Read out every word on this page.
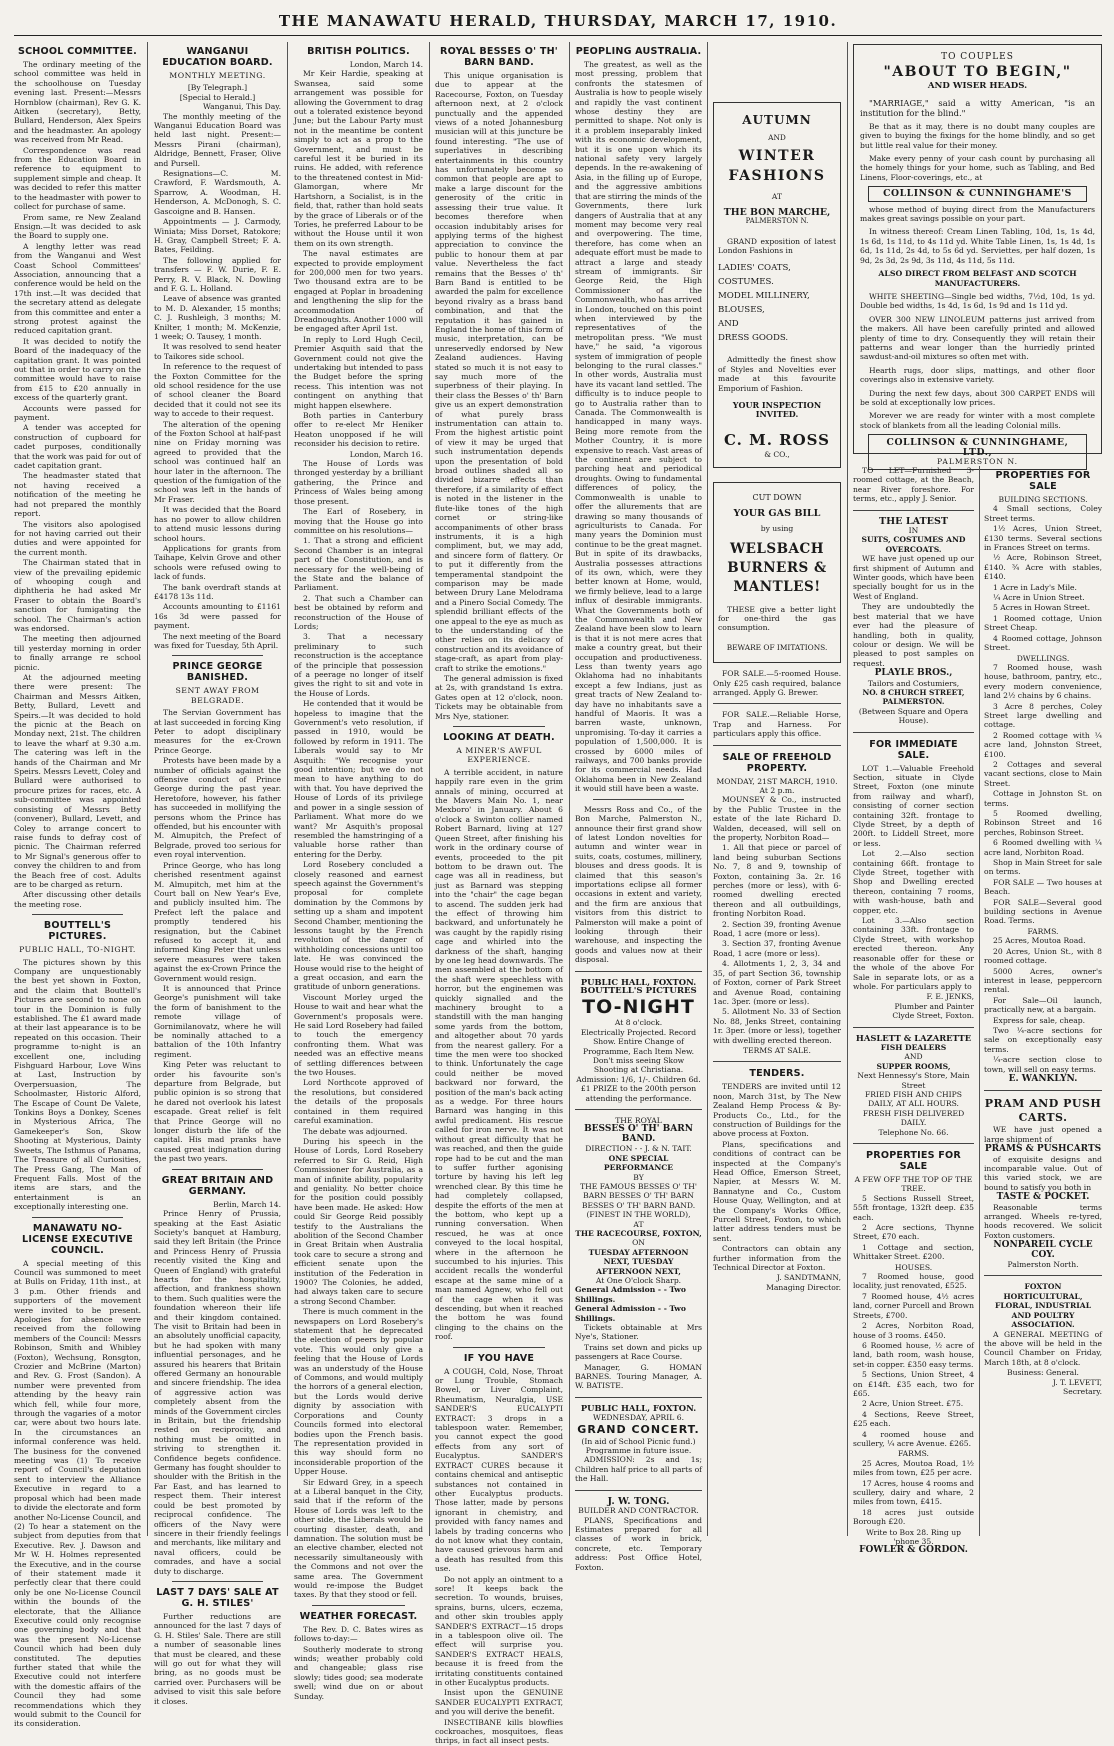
THE MANAWATU HERALD, THURSDAY, MARCH 17, 1910.
SCHOOL COMMITTEE.
The ordinary meeting of the school committee was held in the schoolhouse on Tuesday evening last. Present:—Messrs Hornblow (chairman), Rev G. K. Aitken (secretary), Betty, Bullard, Henderson, Alex Speirs and the headmaster. An apology was received from Mr Read.
Correspondence was read from the Education Board in reference to equipment to supplement simple and cheap. It was decided to refer this matter to the headmaster with power to collect for purchase of same.
From same, re New Zealand Ensign.—It was decided to ask the Board to supply one.
A lengthy letter was read from the Wanganui and West Coast School Committees' Association, announcing that a conference would be held on the 17th inst.—It was decided that the secretary attend as delegate from this committee and enter a strong protest against the reduced capitation grant.
It was decided to notify the Board of the inadequacy of the capitation grant. It was pointed out that in order to carry on the committee would have to raise from £15 to £20 annually in excess of the quarterly grant.
Accounts were passed for payment.
A tender was accepted for construction of cupboard for cadet purposes, conditionally that the work was paid for out of cadet capitation grant.
The headmaster stated that not having received a notification of the meeting he had not prepared the monthly report.
The visitors also apologised for not having carried out their duties and were appointed for the current month.
The Chairman stated that in view of the prevailing epidemic of whooping cough and diphtheria he had asked Mr Fraser to obtain the Board's sanction for fumigating the school. The Chairman's action was endorsed.
The meeting then adjourned till yesterday morning in order to finally arrange re school picnic.
At the adjourned meeting there were present: The Chairman and Messrs Aitken, Betty, Bullard, Levett and Speirs.—It was decided to hold the picnic at the Beach on Monday next, 21st. The children to leave the wharf at 9.30 a.m. The catering was left in the hands of the Chairman and Mr Speirs. Messrs Levett, Coley and Bullard were authorised to procure prizes for races, etc. A sub-committee was appointed consisting of Messrs Betty (convener), Bullard, Levett, and Coley to arrange concert to raise funds to defray cost of picnic. The Chairman referred to Mr Signal's generous offer to convey the children to and from the Beach free of cost. Adults are to be charged as return.
After discussing other details the meeting rose.
BOUTTELL'S PICTURES.
PUBLIC HALL, TO-NIGHT.
The pictures shown by this Company are unquestionably the best yet shown in Foxton, and the claim that Bouttell's Pictures are second to none on tour in the Dominion is fully established. The £1 award made at their last appearance is to be repeated on this occasion. Their programme to-night is an excellent one, including Fishguard Harbour, Love Wins at Last, Instruction by Overpersuasion, The Schoolmaster, Historic Alford, The Escape of Count De Valete, Tonkins Boys a Donkey, Scenes in Mysterious Africa, The Gamekeeper's Son, Skow Shooting at Mysterious, Dainty Sweets, The Isthmus of Panama, The Treasure of all Curiosities, The Press Gang, The Man of Frequent Falls. Most of the items are stars, and the entertainment is an exceptionally interesting one.
MANAWATU NO-LICENSE EXECUTIVE COUNCIL.
A special meeting of this Council was summoned to meet at Bulls on Friday, 11th inst., at 3 p.m. Other friends and supporters of the movement were invited to be present. Apologies for absence were received from the following members of the Council: Messrs Robinson, Smith and Whibley (Foxton), Wechsung, Ronsgton, Crozier and McBrine (Marton) and Rev. G. Frost (Sandon). A number were prevented from attending by the heavy rain which fell, while four more, through the vagaries of a motor car, were about two hours late. In the circumstances an informal conference was held. The business for the convened meeting was (1) To receive report of Council's deputation sent to interview the Alliance Executive in regard to a proposal which had been made to divide the electorate and form another No-License Council, and (2) To hear a statement on the subject from deputies from that Executive. Rev. J. Dawson and Mr W. H. Holmes represented the Executive, and in the course of their statement made it perfectly clear that there could only be one No-License Council within the bounds of the electorate, that the Alliance Executive could only recognise one governing body and that was the present No-License Council which had been duly constituted. The deputies further stated that while the Executive could not interfere with the domestic affairs of the Council they had some recommendations which they would submit to the Council for its consideration.
WANGANUI EDUCATION BOARD.
MONTHLY MEETING.
[By Telegraph.]
[Special to Herald.]
Wanganui, This Day.
The monthly meeting of the Wanganui Education Board was held last night. Present:—Messrs Pirani (chairman), Aldridge, Bennett, Fraser, Olive and Pursell.
Resignations—C. M. Crawford, F. Wardsmouth, A. Sparrow, A. Woodman, H. Henderson, A. McDonogh, S. C. Gascoigne and B. Hansen.
Appointments — J. Carmody, Winiata; Miss Dorset, Ratokore; H. Gray, Campbell Street; F. A. Bates, Feilding.
The following applied for transfers — F. W. Durie, F. E. Perry, R. V. Black, N. Dowling and F. G. L. Holland.
Leave of absence was granted to M. D. Alexander, 15 months; C. J. Rushleigh, 3 months; M. Knilter, 1 month; M. McKenzie, 1 week; O. Tausey, 1 month.
It was resolved to send heater to Taikores side school.
In reference to the request of the Foxton Committee for the old school residence for the use of school cleaner the Board decided that it could not see its way to accede to their request.
The alteration of the opening of the Foxton School at half-past nine on Friday morning was agreed to provided that the school was continued half an hour later in the afternoon. The question of the fumigation of the school was left in the hands of Mr Fraser.
It was decided that the Board has no power to allow children to attend music lessons during school hours.
Applications for grants from Taihape, Kelvin Grove and other schools were refused owing to lack of funds.
The bank overdraft stands at £4178 13s 11d.
Accounts amounting to £1161 16s 3d were passed for payment.
The next meeting of the Board was fixed for Tuesday, 5th April.
PRINCE GEORGE BANISHED.
SENT AWAY FROM BELGRADE.
The Servian Government has at last succeeded in forcing King Peter to adopt disciplinary measures for the ex-Crown Prince George.
Protests have been made by a number of officials against the offensive conduct of Prince George during the past year. Heretofore, however, his father has succeeded in mollifying the persons whom the Prince has offended, but his encounter with M. Almupitch, the Prefect of Belgrade, proved too serious for even royal intervention.
Prince George, who has long cherished resentment against M. Almupitch, met him at the Court ball on New Year's Eve, and publicly insulted him. The Prefect left the palace and promptly tendered his resignation, but the Cabinet refused to accept it, and informed King Peter that unless severe measures were taken against the ex-Crown Prince the Government would resign.
It is announced that Prince George's punishment will take the form of banishment to the remote village of Gornimilanovatz, where he will be nominally attached to a battalion of the 10th Infantry regiment.
King Peter was reluctant to order his favourite son's departure from Belgrade, but public opinion is so strong that he dared not overlook his latest escapade. Great relief is felt that Prince George will no longer disturb the life of the capital. His mad pranks have caused great indignation during the past two years.
GREAT BRITAIN AND GERMANY.
Berlin, March 14.
Prince Henry of Prussia, speaking at the East Asiatic Society's banquet at Hamburg, said they left Britain (the Prince and Princess Henry of Prussia recently visited the King and Queen of England) with grateful hearts for the hospitality, affection, and frankness shown to them. Such qualities were the foundation whereon their life and their kingdom contained. The visit to Britain had been in an absolutely unofficial capacity, but he had spoken with many influential personages, and he assured his hearers that Britain offered Germany an honourable and sincere friendship. The idea of aggressive action was completely absent from the minds of the Government circles in Britain, but the friendship rested on reciprocity, and nothing must be omitted in striving to strengthen it. Confidence begets confidence. Germany has fought shoulder to shoulder with the British in the Far East, and has learned to respect them. Their interest could be best promoted by reciprocal confidence. The officers of the Navy were sincere in their friendly feelings and merchants, like military and naval officers, could be comrades, and have a social duty to discharge.
LAST 7 DAYS' SALE AT G. H. STILES'
Further reductions are announced for the last 7 days of G. H. Stiles' Sale. There are still a number of seasonable lines that must be cleared, and these will go out for what they will bring, as no goods must be carried over. Purchasers will be advised to visit this sale before it closes.
BRITISH POLITICS.
London, March 14.
Mr Keir Hardie, speaking at Swansea, said some arrangement was possible for allowing the Government to drag out a tolerated existence beyond June; but the Labour Party must not in the meantime be content simply to act as a prop to the Government, and must be careful lest it be buried in its ruins. He added, with reference to the threatened contest in Mid-Glamorgan, where Mr Hartshorn, a Socialist, is in the field, that, rather than hold seats by the grace of Liberals or of the Tories, he preferred Labour to be without the House until it won them on its own strength.
The naval estimates are expected to provide employment for 200,000 men for two years. Two thousand extra are to be engaged at Poplar in broadening and lengthening the slip for the accommodation of Dreadnoughts. Another 1000 will be engaged after April 1st.
In reply to Lord Hugh Cecil, Premier Asquith said that the Government could not give the undertaking but intended to pass the Budget before the spring recess. This intention was not contingent on anything that might happen elsewhere.
Both parties in Canterbury offer to re-elect Mr Heniker Heaton unopposed if he will reconsider his decision to retire.
London, March 16.
The House of Lords was thronged yesterday by a brilliant gathering, the Prince and Princess of Wales being among those present.
The Earl of Rosebery, in moving that the House go into committee on his resolutions—
1. That a strong and efficient Second Chamber is an integral part of the Constitution, and is necessary for the well-being of the State and the balance of Parliament.
2. That such a Chamber can best be obtained by reform and reconstruction of the House of Lords;
3. That a necessary preliminary to such reconstruction is the acceptance of the principle that possession of a peerage no longer of itself gives the right to sit and vote in the House of Lords.
He contended that it would be hopeless to imagine that the Government's veto resolution, if passed in 1910, would be followed by reform in 1911. The Liberals would say to Mr Asquith: "We recognise your good intention; but we do not mean to have anything to do with that. You have deprived the House of Lords of its privilege and power in a single session of Parliament. What more do we want? Mr Asquith's proposal resembled the hamstringing of a valuable horse rather than entering for the Derby.
Lord Rosebery concluded a closely reasoned and earnest speech against the Government's proposal for complete domination by the Commons by setting up a sham and impotent Second Chamber, mentioning the lessons taught by the French revolution of the danger of withholding concessions until too late. He was convinced the House would rise to the height of a great occasion, and earn the gratitude of unborn generations.
Viscount Morley urged the House to wait and hear what the Government's proposals were. He said Lord Rosebery had failed to touch the emergency confronting them. What was needed was an effective means of settling differences between the two Houses.
Lord Northcote approved of the resolutions, but considered the details of the proposals contained in them required careful examination.
The debate was adjourned.
During his speech in the House of Lords, Lord Rosebery referred to Sir G. Reid, High Commissioner for Australia, as a man of infinite ability, popularity and geniality. No better choice for the position could possibly have been made. He asked: How could Sir George Reid possibly testify to the Australians the abolition of the Second Chamber in Great Britain when Australia took care to secure a strong and efficient senate upon the institution of the Federation in 1900? The Colonies, he added, had always taken care to secure a strong Second Chamber.
There is much comment in the newspapers on Lord Rosebery's statement that he deprecated the election of peers by popular vote. This would only give a feeling that the House of Lords was an understudy of the House of Commons, and would multiply the horrors of a general election, but the Lords would derive dignity by association with Corporations and County Councils formed into electoral bodies upon the French basis. The representation provided in this way should form no inconsiderable proportion of the Upper House.
Sir Edward Grey, in a speech at a Liberal banquet in the City, said that if the reform of the House of Lords was left to the other side, the Liberals would be courting disaster, death, and damnation. The solution must be an elective chamber, elected not necessarily simultaneously with the Commons and not over the same area. The Government would re-impose the Budget taxes. By that they stood or fell.
WEATHER FORECAST.
The Rev. D. C. Bates wires as follows to-day:—
Southerly moderate to strong winds; weather probably cold and changeable; glass rise slowly; tides good; sea moderate swell; wind due on or about Sunday.
ROYAL BESSES O' TH' BARN BAND.
This unique organisation is due to appear at the Racecourse, Foxton, on Tuesday afternoon next, at 2 o'clock punctually and the appended views of a noted Johannesburg musician will at this juncture be found interesting. "The use of superlatives in describing entertainments in this country has unfortunately become so common that people are apt to make a large discount for the generosity of the critic in assessing their true value. It becomes therefore when occasion indubitably arises for applying terms of the highest appreciation to convince the public to honour them at par value. Nevertheless the fact remains that the Besses o' th' Barn Band is entitled to be awarded the palm for excellence beyond rivalry as a brass band combination, and that the reputation it has gained in England the home of this form of music, interpretation, can be unreservedly endorsed by New Zealand audiences. Having stated so much it is not easy to say much more of the superbness of their playing. In their class the Besses o' th' Barn give us an expert demonstration of what purely brass instrumentation can attain to. From the highest artistic point of view it may be urged that such instrumentation depends upon the presentation of bold broad outlines shaded all so divided bizarre effects than therefore, if a similarity of effect is noted in the listener in the flute-like tones of the high cornet or string-like accompaniments of other brass instruments, it is a high compliment, but, we may add, and sincere form of flattery. Or to put it differently from the temperamental standpoint the comparison may be made between Drury Lane Melodrama and a Pinero Social Comedy. The splendid brilliant effects of the one appeal to the eye as much as to the understanding of the other relies on its delicacy of construction and its avoidance of stage-craft, as apart from play-craft to strike the emotions."
The general admission is fixed at 2s, with grandstand 1s extra. Gates open at 12 o'clock, noon. Tickets may be obtainable from Mrs Nye, stationer.
LOOKING AT DEATH.
A MINER'S AWFUL EXPERIENCE.
A terrible accident, in nature happily rare even in the grim annals of mining, occurred at the Mavers Main No. 1, near Mexboro' in January. About 6 o'clock a Swinton collier named Robert Barnard, living at 127 Queen Street, after finishing his work in the ordinary course of events, proceeded to the pit bottom to be drawn out. The cage was all in readiness, but just as Barnard was stepping into the "chair" the cage began to ascend. The sudden jerk had the effect of throwing him backward, and unfortunately he was caught by the rapidly rising cage and whirled into the darkness of the shaft, hanging by one leg head downwards. The men assembled at the bottom of the shaft were speechless with horror, but the enginemen was quickly signalled and the machinery brought to a standstill with the man hanging some yards from the bottom, and altogether about 70 yards from the nearest gallery. For a time the men were too shocked to think. Unfortunately the cage could neither be moved backward nor forward, the position of the man's back acting as a wedge. For three hours Barnard was hanging in this awful predicament. His rescue called for iron nerve. It was not without great difficulty that he was reached, and then the guide rope had to be cut and the man to suffer further agonising torture by having his left leg wrenched clear. By this time he had completely collapsed, despite the efforts of the men at the bottom, who kept up a running conversation. When rescued, he was at once conveyed to the local hospital, where in the afternoon he succumbed to his injuries. This accident recalls the wonderful escape at the same mine of a man named Agnew, who fell out of the cage when it was descending, but when it reached the bottom he was found clinging to the chains on the roof.
IF YOU HAVE
A COUGH, Cold, Nose, Throat or Lung Trouble, Stomach Bowel, or Liver Complaint, Rheumatism, Neuralgia, USE SANDER'S EUCALYPTI EXTRACT: 3 drops in a tablespoon water. Remember, you cannot expect the good effects from any sort of Eucalyptus. SANDER'S EXTRACT CURES because it contains chemical and antiseptic substances not contained in other Eucalyptus products. Those latter, made by persons ignorant in chemistry, and provided with fancy names and labels by trading concerns who do not know what they contain, have caused grievous harm and a death has resulted from this use.
Do not apply an ointment to a sore! It keeps back the secretion. To wounds, bruises, sprains, burns, ulcers, eczema, and other skin troubles apply SANDER'S EXTRACT—15 drops in a tablespoon olive oil. The effect will surprise you. SANDER'S EXTRACT HEALS, because it is freed from the irritating constituents contained in other Eucalyptus products.
Insist upon the GENUINE SANDER EUCALYPTI EXTRACT, and you will derive the benefit.
INSECTIBANE kills blowflies cockroaches, mosquitoes, fleas thrips, in fact all insect pests.
PEOPLING AUSTRALIA.
The greatest, as well as the most pressing, problem that confronts the statesmen of Australia is how to people wisely and rapidly the vast continent whose destiny they are permitted to shape. Not only is it a problem inseparably linked with its economic development, but it is one upon which its national safety very largely depends. In the re-awakening of Asia, in the filling up of Europe, and the aggressive ambitions that are stirring the minds of the Governments, there lurk dangers of Australia that at any moment may become very real and overpowering. The time, therefore, has come when an adequate effort must be made to attract a large and steady stream of immigrants. Sir George Reid, the High Commissioner of the Commonwealth, who has arrived in London, touched on this point when interviewed by the representatives of the metropolitan press. "We must have," he said, "a vigorous system of immigration of people belonging to the rural classes." In other words, Australia must have its vacant land settled. The difficulty is to induce people to go to Australia rather than to Canada. The Commonwealth is handicapped in many ways. Being more remote from the Mother Country, it is more expensive to reach. Vast areas of the continent are subject to parching heat and periodical droughts. Owing to fundamental differences of policy, the Commonwealth is unable to offer the allurements that are drawing so many thousands of agriculturists to Canada. For many years the Dominion must continue to be the great magnet. But in spite of its drawbacks, Australia possesses attractions of its own, which, were they better known at Home, would, we firmly believe, lead to a large influx of desirable immigrants. What the Governments both of the Commonwealth and New Zealand have been slow to learn is that it is not mere acres that make a country great, but their occupation and productiveness. Less than twenty years ago Oklahoma had no inhabitants except a few Indians, just as great tracts of New Zealand to-day have no inhabitants save a handful of Maoris. It was a barren waste, unknown, unpromising. To-day it carries a population of 1,500,000. It is crossed by 6000 miles of railways, and 700 banks provide for its commercial needs. Had Oklahoma been in New Zealand it would still have been a waste.
Messrs Ross and Co., of the Bon Marche, Palmerston N., announce their first grand show of latest London novelties for autumn and winter wear in suits, coats, costumes, millinery, blouses and dress goods. It is claimed that this season's importations eclipse all former occasions in extent and variety, and the firm are anxious that visitors from this district to Palmerston will make a point of looking through their warehouse, and inspecting the goods and values now at their disposal.
PUBLIC HALL, FOXTON.
BOUTTELL'S PICTURES
TO-NIGHT
At 8 o'clock.
Electrically Projected. Record Show. Entire Change of Programme, Each Item New.
Don't miss seeing Skow Shooting at Christiana.
Admission: 1/6, 1/-. Children 6d.
£1 PRIZE to the 200th person attending the performance.
THE ROYAL
BESSES O' TH' BARN BAND.
DIRECTION - - J. & N. TAIT.
ONE SPECIAL PERFORMANCE
BY
THE FAMOUS BESSES O' TH' BARN BESSES O' TH' BARN BESSES O' TH' BARN BAND.
(FINEST IN THE WORLD),
AT
THE RACECOURSE, FOXTON,
ON
TUESDAY AFTERNOON NEXT, TUESDAY AFTERNOON NEXT,
At One O'clock Sharp.
General Admission - - Two Shillings.
General Admission - - Two Shillings.
Tickets obtainable at Mrs Nye's, Stationer.
Trains set down and picks up passengers at Race Course.
Manager, G. HOMAN BARNES. Touring Manager, A. W. BATISTE.
PUBLIC HALL, FOXTON.
WEDNESDAY, APRIL 6.
GRAND CONCERT.
(In aid of School Picnic fund.)
Programme in future issue.
ADMISSION: 2s and 1s; Children half price to all parts of the Hall.
J. W. TONG.
BUILDER AND CONTRACTOR.
PLANS, Specifications and Estimates prepared for all classes of work in brick, concrete, etc. Temporary address: Post Office Hotel, Foxton.
AUTUMN
AND
WINTER
FASHIONS
AT
THE BON MARCHE,
PALMERSTON N.
GRAND exposition of latest London Fashions in
LADIES' COATS,
COSTUMES.
MODEL MILLINERY,
BLOUSES,
AND
DRESS GOODS.
Admittedly the finest show of Styles and Novelties ever made at this favourite Emporium of Fashion.
YOUR INSPECTION INVITED.
C. M. ROSS
& CO.,
CUT DOWN
YOUR GAS BILL
by using
WELSBACH BURNERS & MANTLES!
THESE give a better light for one-third the gas consumption.
BEWARE OF IMITATIONS.
FOR SALE.—5-roomed House. Only £25 cash required, balance arranged. Apply G. Brewer.
FOR SALE.—Reliable Horse, Trap and Harness. For particulars apply this office.
SALE OF FREEHOLD PROPERTY.
MONDAY, 21ST MARCH, 1910. At 2 p.m.
MOUNSEY & Co., instructed by the Public Trustee in the estate of the late Richard D. Walden, deceased, will sell on the property, Norbiton Road—
1. All that piece or parcel of land being suburban Sections No. 7, 8 and 9, township of Foxton, containing 3a. 2r. 16 perches (more or less), with 6-roomed dwelling erected thereon and all outbuildings, fronting Norbiton Road.
2. Section 39, fronting Avenue Road, 1 acre (more or less).
3. Section 37, fronting Avenue Road, 1 acre (more or less).
4. Allotments 1, 2, 3, 34 and 35, of part Section 36, township of Foxton, corner of Park Street and Avenue Road, containing 1ac. 3per. (more or less).
5. Allotment No. 33 of Section No. 88, Jenks Street, containing 1r. 3per. (more or less), together with dwelling erected thereon.
TERMS AT SALE.
TENDERS.
TENDERS are invited until 12 noon, March 31st, by The New Zealand Hemp Process & By-Products Co., Ltd., for the construction of Buildings for the above process at Foxton.
Plans, specifications and conditions of contract can be inspected at the Company's Head Office, Emerson Street, Napier, at Messrs W. M. Bannatyne and Co., Custom House Quay, Wellington, and at the Company's Works Office, Purcell Street, Foxton, to which latter address tenders must be sent.
Contractors can obtain any further information from the Technical Director at Foxton.
J. SANDTMANN,
Managing Director.
TO COUPLES
"ABOUT TO BEGIN,"
AND WISER HEADS.
"MARRIAGE," said a witty American, "is an institution for the blind."
Be that as it may, there is no doubt many couples are given to buying the fixings for the home blindly, and so get but little real value for their money.
Make every penny of your cash count by purchasing all the homely things for your home, such as Tabling, and Bed Linens, Floor-coverings, etc., at
COLLINSON & CUNNINGHAME'S
whose method of buying direct from the Manufacturers makes great savings possible on your part.
In witness thereof: Cream Linen Tabling, 10d, 1s, 1s 4d, 1s 6d, 1s 11d, to 4s 11d yd. White Table Linen, 1s, 1s 4d, 1s 6d, 1s 11d, 2s 4d, to 5s 6d yd. Serviettes, per half dozen, 1s 9d, 2s 3d, 2s 9d, 3s 11d, 4s 11d, 5s 11d.
ALSO DIRECT FROM BELFAST AND SCOTCH MANUFACTURERS.
WHITE SHEETING—Single bed widths, 7½d, 10d, 1s yd. Double bed widths, 1s 4d, 1s 6d, 1s 9d and 1s 11d yd.
OVER 300 NEW LINOLEUM patterns just arrived from the makers. All have been carefully printed and allowed plenty of time to dry. Consequently they will retain their patterns and wear longer than the hurriedly printed sawdust-and-oil mixtures so often met with.
Hearth rugs, door slips, mattings, and other floor coverings also in extensive variety.
During the next few days, about 300 CARPET ENDS will be sold at exceptionally low prices.
Morever we are ready for winter with a most complete stock of blankets from all the leading Colonial mills.
COLLINSON & CUNNINGHAME, LTD.,
PALMERSTON N.
TO LET—Furnished 3-roomed cottage, at the Beach, near River foreshore. For terms, etc., apply J. Senior.
THE LATEST
IN
SUITS, COSTUMES AND OVERCOATS.
WE have just opened up our first shipment of Autumn and Winter goods, which have been specially bought for us in the West of England.
They are undoubtedly the best material that we have ever had the pleasure of handling, both in quality, colour or design. We will be pleased to post samples on request.
PLAYLE BROS.,
Tailors and Costumiers,
NO. 8 CHURCH STREET, PALMERSTON.
(Between Square and Opera House).
FOR IMMEDIATE SALE.
LOT 1.—Valuable Freehold Section, situate in Clyde Street, Foxton (one minute from railway and wharf), consisting of corner section containing 32ft. frontage to Clyde Street, by a depth of 200ft. to Liddell Street, more or less.
Lot 2.—Also section containing 66ft. frontage to Clyde Street, together with Shop and Dwelling erected thereon, containing 7 rooms, with wash-house, bath and copper, etc.
Lot 3.—Also section containing 33ft. frontage to Clyde Street, with workshop erected thereon. Any reasonable offer for these or the whole of the above For Sale in separate lots, or as a whole. For particulars apply to
F. E. JENKS,
Plumber and Painter
Clyde Street, Foxton.
HASLETT & LAZARETTE
FISH DEALERS
AND
SUPPER ROOMS,
Next Hennessy's Store, Main Street
FRIED FISH AND CHIPS DAILY, AT ALL HOURS.
FRESH FISH DELIVERED DAILY.
Telephone No. 66.
PROPERTIES FOR SALE
A FEW OFF THE TOP OF THE TREE.
5 Sections Russell Street, 55ft frontage, 132ft deep. £35 each.
2 Acre sections, Thynne Street, £70 each.
1 Cottage and section, Whittaker Street. £200.
HOUSES.
7 Roomed house, good locality, just renovated, £525.
7 Roomed house, 4½ acres land, corner Purcell and Brown Streets, £700.
2 Acres, Norbiton Road, house of 3 rooms. £450.
6 Roomed house, ½ acre of land, bath room, wash house, set-in copper. £350 easy terms.
5 Sections, Union Street, 4 on £14ft. £35 each, two for £65.
2 Acre, Union Street. £75.
4 Sections, Reeve Street, £25 each.
4 roomed house and scullery, ¼ acre Avenue. £265.
FARMS.
25 Acres, Moutoa Road, 1½ miles from town, £25 per acre.
17 Acres, house 4 rooms and scullery, dairy and whare, 2 miles from town, £415.
18 acres just outside Borough £20.
Write to Box 28. Ring up 'phone 35.
FOWLER & GORDON.
PROPERTIES FOR SALE
BUILDING SECTIONS.
4 Small sections, Coley Street terms.
1½ Acres, Union Street, £130 terms. Several sections in Frances Street on terms.
½ Acre, Robinson Street, £140. ¾ Acre with stables, £140.
1 Acre in Lady's Mile.
¼ Acre in Union Street.
5 Acres in Howan Street.
1 Roomed cottage, Union Street Cheap.
4 Roomed cottage, Johnson Street.
DWELLINGS.
7 Roomed house, wash house, bathroom, pantry, etc., every modern convenience, land 2½ chains by 6 chains.
3 Acre 8 perches, Coley Street large dwelling and cottage.
2 Roomed cottage with ¼ acre land, Johnston Street, £100.
2 Cottages and several vacant sections, close to Main Street.
Cottage in Johnston St. on terms.
5 Roomed dwelling, Robinson Street and 16 perches, Robinson Street.
6 Roomed dwelling with ¼ acre land, Norbiton Road.
Shop in Main Street for sale on terms.
FOR SALE — Two houses at Beach.
FOR SALE—Several good building sections in Avenue Road. Terms.
FARMS.
25 Acres, Moutoa Road.
20 Acres, Union St., with 8 roomed cottage.
5000 Acres, owner's interest in lease, peppercorn rental.
For Sale—Oil launch, practically new, at a bargain.
Express for sale, cheap.
Two ¼-acre sections for sale on exceptionally easy terms.
¼-acre section close to town, will sell on easy terms.
E. WANKLYN.
PRAM AND PUSH CARTS.
WE have just opened a large shipment of
PRAMS & PUSHCARTS
of exquisite designs and incomparable value. Out of this varied stock, we are bound to satisfy you both in
TASTE & POCKET.
Reasonable terms arranged. Wheels re-tyred, hoods recovered. We solicit Foxton customers.
NONPAREIL CYCLE COY.
Palmerston North.
FOXTON HORTICULTURAL, FLORAL, INDUSTRIAL AND POULTRY ASSOCIATION.
A GENERAL MEETING of the above will be held in the Council Chamber on Friday, March 18th, at 8 o'clock.
Business: General.
J. T. LEVETT,
Secretary.
